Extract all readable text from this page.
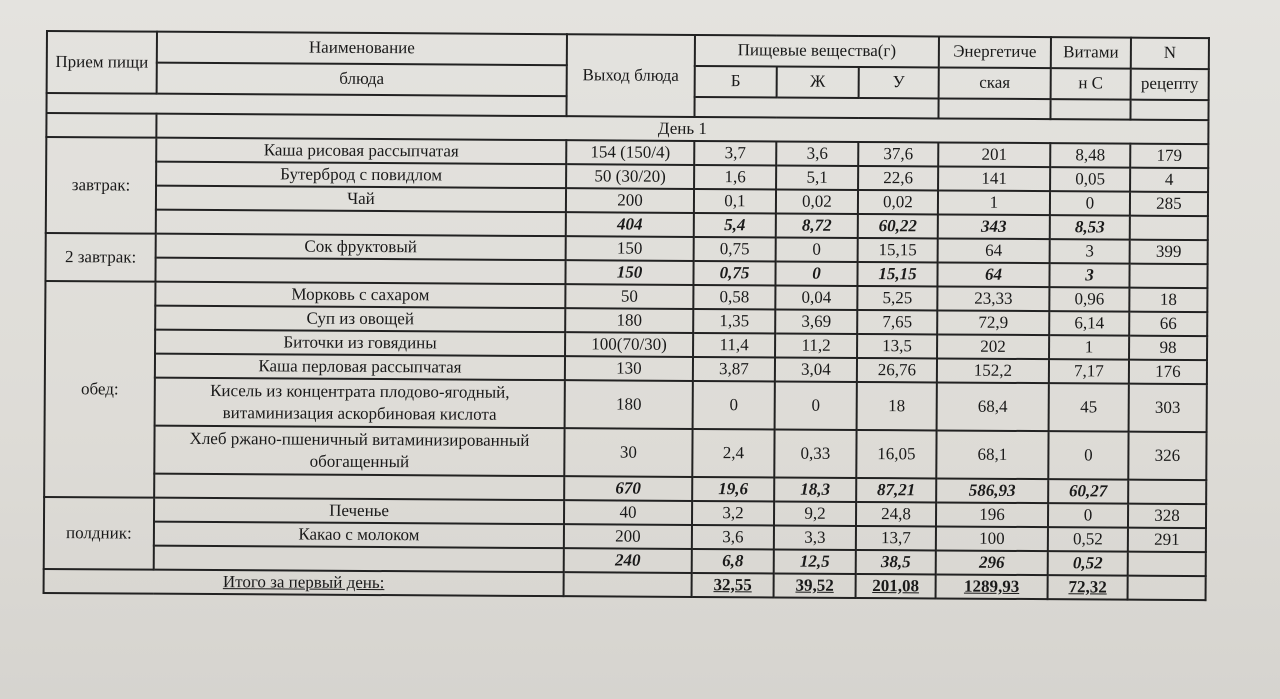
Прием пищи	Наименование	Выход блюда	Пищевые вещества(г)			Энергетиче	Витами	N
	блюда		Б	Ж	У	ская	н С	рецепту

	День 1							
завтрак:	Каша рисовая рассыпчатая	154 (150/4)	3,7	3,6	37,6	201	8,48	179
	Бутерброд с повидлом	50 (30/20)	1,6	5,1	22,6	141	0,05	4
	Чай	200	0,1	0,02	0,02	1	0	285
		404	5,4	8,72	60,22	343	8,53	
2 завтрак:	Сок фруктовый	150	0,75	0	15,15	64	3	399
		150	0,75	0	15,15	64	3	
обед:	Морковь с сахаром	50	0,58	0,04	5,25	23,33	0,96	18
	Суп из овощей	180	1,35	3,69	7,65	72,9	6,14	66
	Биточки из говядины	100(70/30)	11,4	11,2	13,5	202	1	98
	Каша перловая рассыпчатая	130	3,87	3,04	26,76	152,2	7,17	176
	Кисель из концентрата плодово-ягодный, витаминизация аскорбиновая кислота	180	0	0	18	68,4	45	303
	Хлеб ржано-пшеничный витаминизированный обогащенный	30	2,4	0,33	16,05	68,1	0	326
		670	19,6	18,3	87,21	586,93	60,27	
полдник:	Печенье	40	3,2	9,2	24,8	196	0	328
	Какао с молоком	200	3,6	3,3	13,7	100	0,52	291
		240	6,8	12,5	38,5	296	0,52	
Итого за первый день:			32,55	39,52	201,08	1289,93	72,32	
